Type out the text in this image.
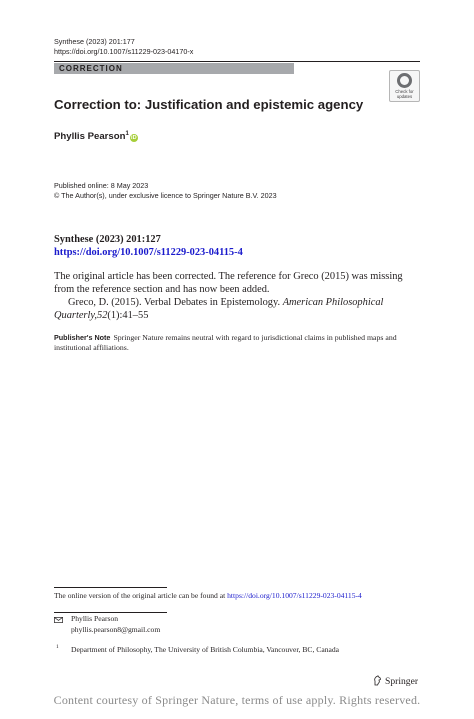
Synthese (2023) 201:177
https://doi.org/10.1007/s11229-023-04170-x
CORRECTION
Check for
updates
Correction to: Justification and epistemic agency
Phyllis Pearson$^1$iD
Published online: 8 May 2023
© The Author(s), under exclusive licence to Springer Nature B.V. 2023
Synthese (2023) 201:127
https://doi.org/10.1007/s11229-023-04115-4
The original article has been corrected. The reference for Greco (2015) was missing from the reference section and has now been added.
Greco, D. (2015). Verbal Debates in Epistemology. American Philosophical Quarterly,52(1):41–55
Publisher's Note Springer Nature remains neutral with regard to jurisdictional claims in published maps and institutional affiliations.
The online version of the original article can be found at https://doi.org/10.1007/s11229-023-04115-4
Phyllis Pearson
phyllis.pearson8@gmail.com
1 Department of Philosophy, The University of British Columbia, Vancouver, BC, Canada
Springer
Content courtesy of Springer Nature, terms of use apply. Rights reserved.
